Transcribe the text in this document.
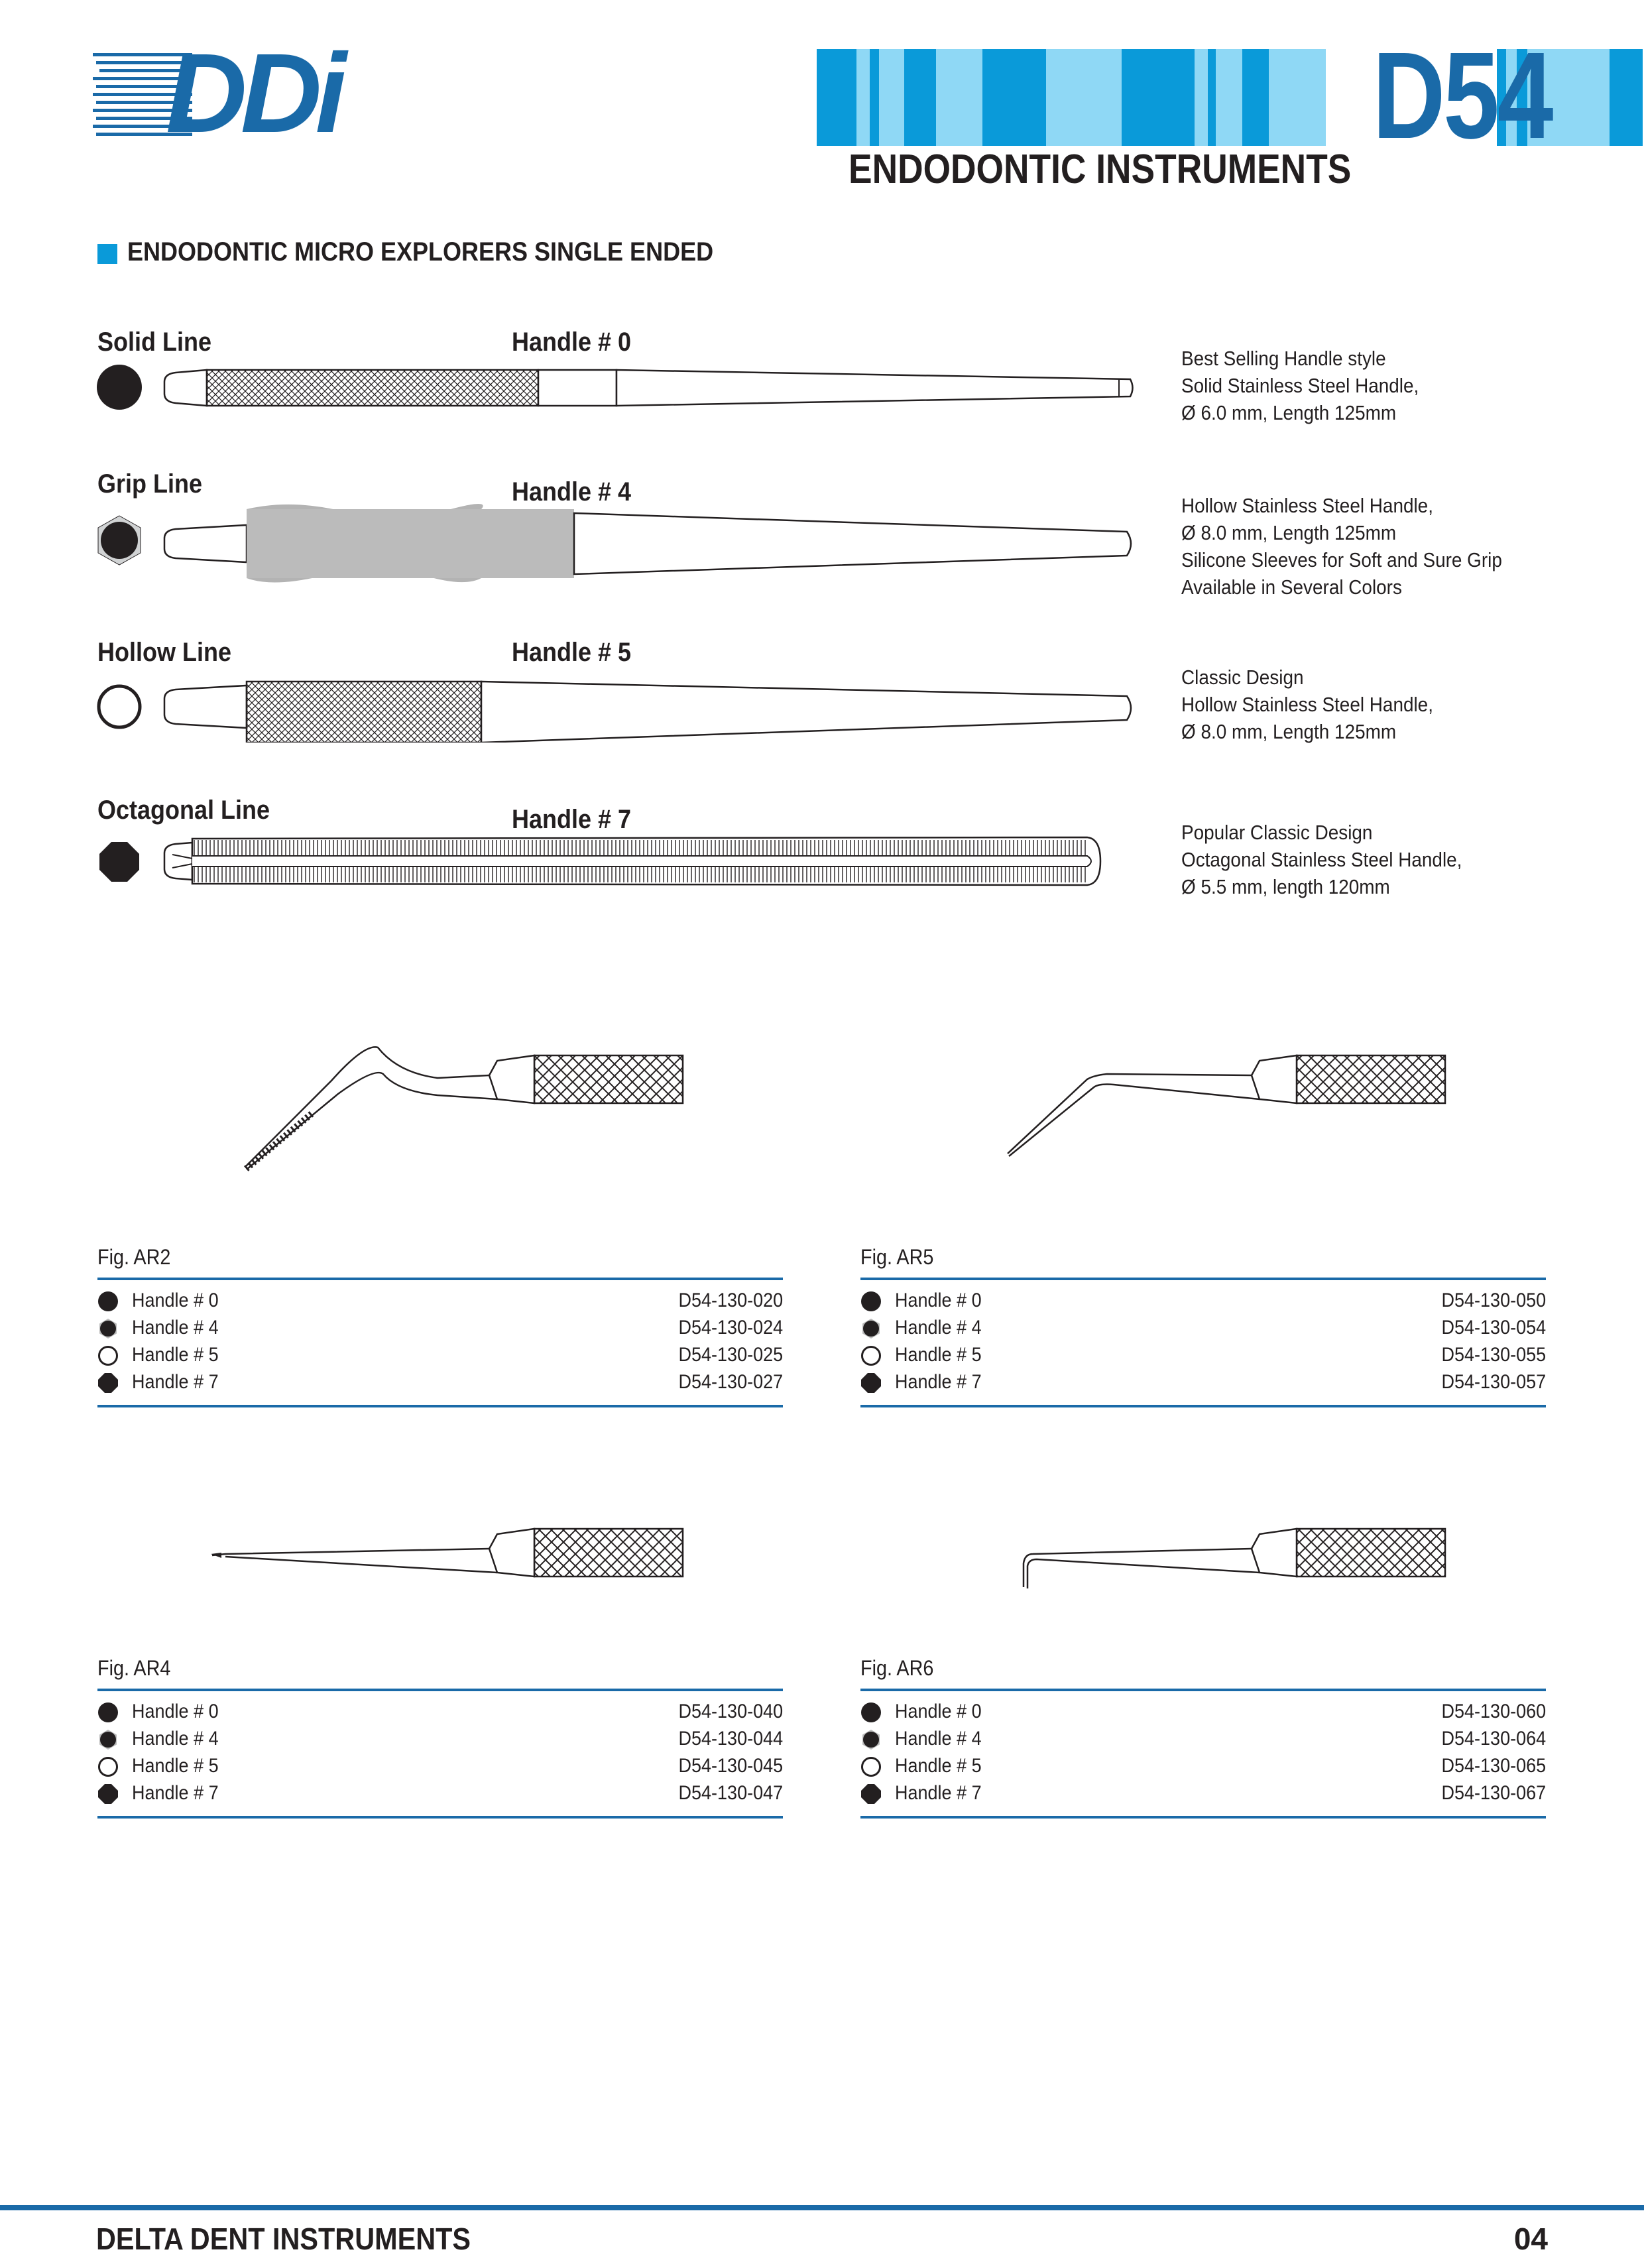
DDi	D54
ENDODONTIC INSTRUMENTS
ENDODONTIC MICRO EXPLORERS SINGLE ENDED
Solid Line	Handle # 0
Best Selling Handle style
Solid Stainless Steel Handle,
Ø 6.0 mm, Length 125mm
Grip Line	Handle # 4	Hollow Stainless Steel Handle,
Ø 8.0 mm, Length 125mm
Silicone Sleeves for Soft and Sure Grip
Available in Several Colors
Hollow Line	Handle # 5
Classic Design
Hollow Stainless Steel Handle,
Ø 8.0 mm, Length 125mm
Octagonal Line	Handle # 7	Popular Classic Design
Octagonal Stainless Steel Handle,
Ø 5.5 mm, length 120mm
Fig. AR2
Handle # 0	D54-130-020
Handle # 4	D54-130-024
Handle # 5	D54-130-025
Handle # 7	D54-130-027
Fig. AR5
Handle # 0	D54-130-050
Handle # 4	D54-130-054
Handle # 5	D54-130-055
Handle # 7	D54-130-057
Fig. AR4
Handle # 0	D54-130-040
Handle # 4	D54-130-044
Handle # 5	D54-130-045
Handle # 7	D54-130-047
Fig. AR6
Handle # 0	D54-130-060
Handle # 4	D54-130-064
Handle # 5	D54-130-065
Handle # 7	D54-130-067
DELTA DENT INSTRUMENTS	04
